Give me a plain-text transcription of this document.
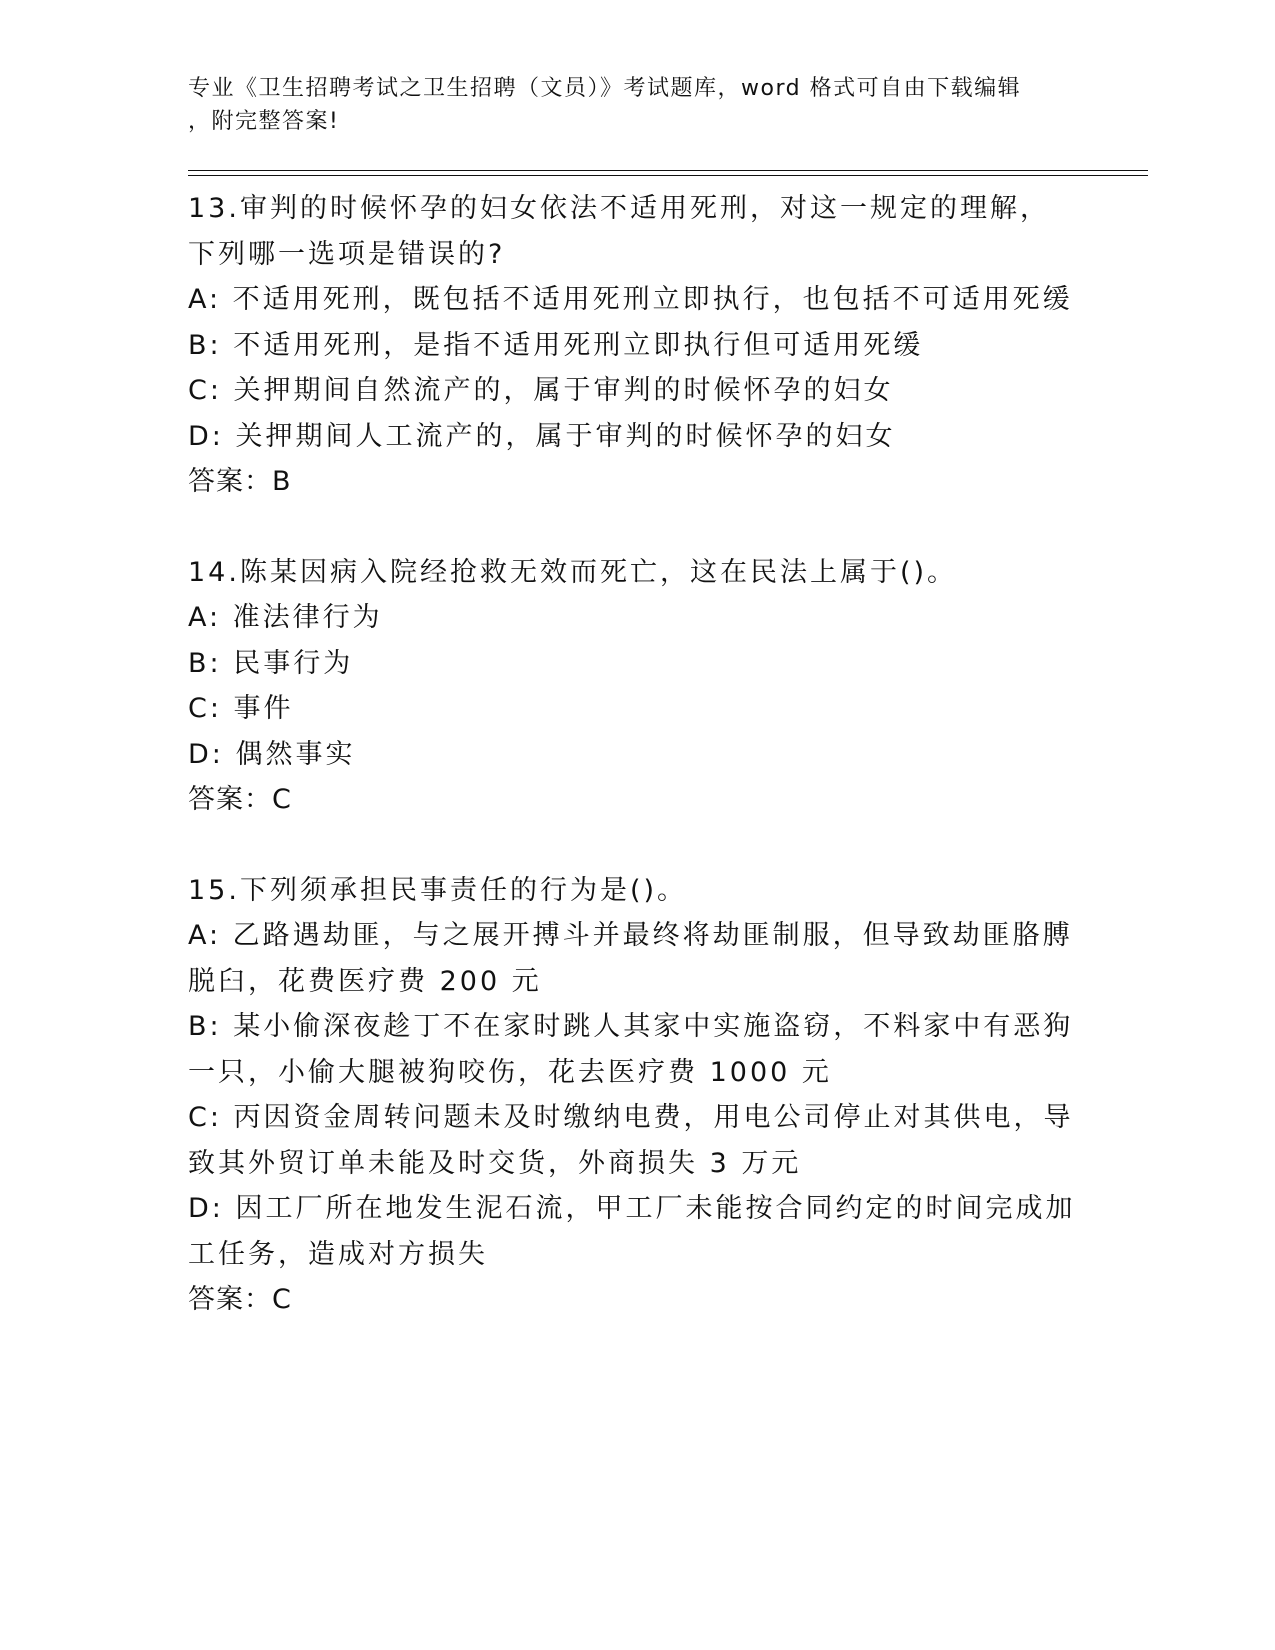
专业《卫生招聘考试之卫生招聘（文员）》考试题库，word 格式可自由下载编辑
，附完整答案!

13.审判的时候怀孕的妇女依法不适用死刑，对这一规定的理解，下列哪一选项是错误的?

A: 不适用死刑，既包括不适用死刑立即执行，也包括不可适用死缓

B: 不适用死刑，是指不适用死刑立即执行但可适用死缓

C: 关押期间自然流产的，属于审判的时候怀孕的妇女

D: 关押期间人工流产的，属于审判的时候怀孕的妇女

答案：B

14.陈某因病入院经抢救无效而死亡，这在民法上属于()。

A: 准法律行为

B: 民事行为

C: 事件

D: 偶然事实

答案：C

15.下列须承担民事责任的行为是()。

A: 乙路遇劫匪，与之展开搏斗并最终将劫匪制服，但导致劫匪胳膊脱臼，花费医疗费 200 元

B: 某小偷深夜趁丁不在家时跳人其家中实施盗窃，不料家中有恶狗一只，小偷大腿被狗咬伤，花去医疗费 1000 元

C: 丙因资金周转问题未及时缴纳电费，用电公司停止对其供电，导致其外贸订单未能及时交货，外商损失 3 万元

D: 因工厂所在地发生泥石流，甲工厂未能按合同约定的时间完成加工任务，造成对方损失

答案：C
